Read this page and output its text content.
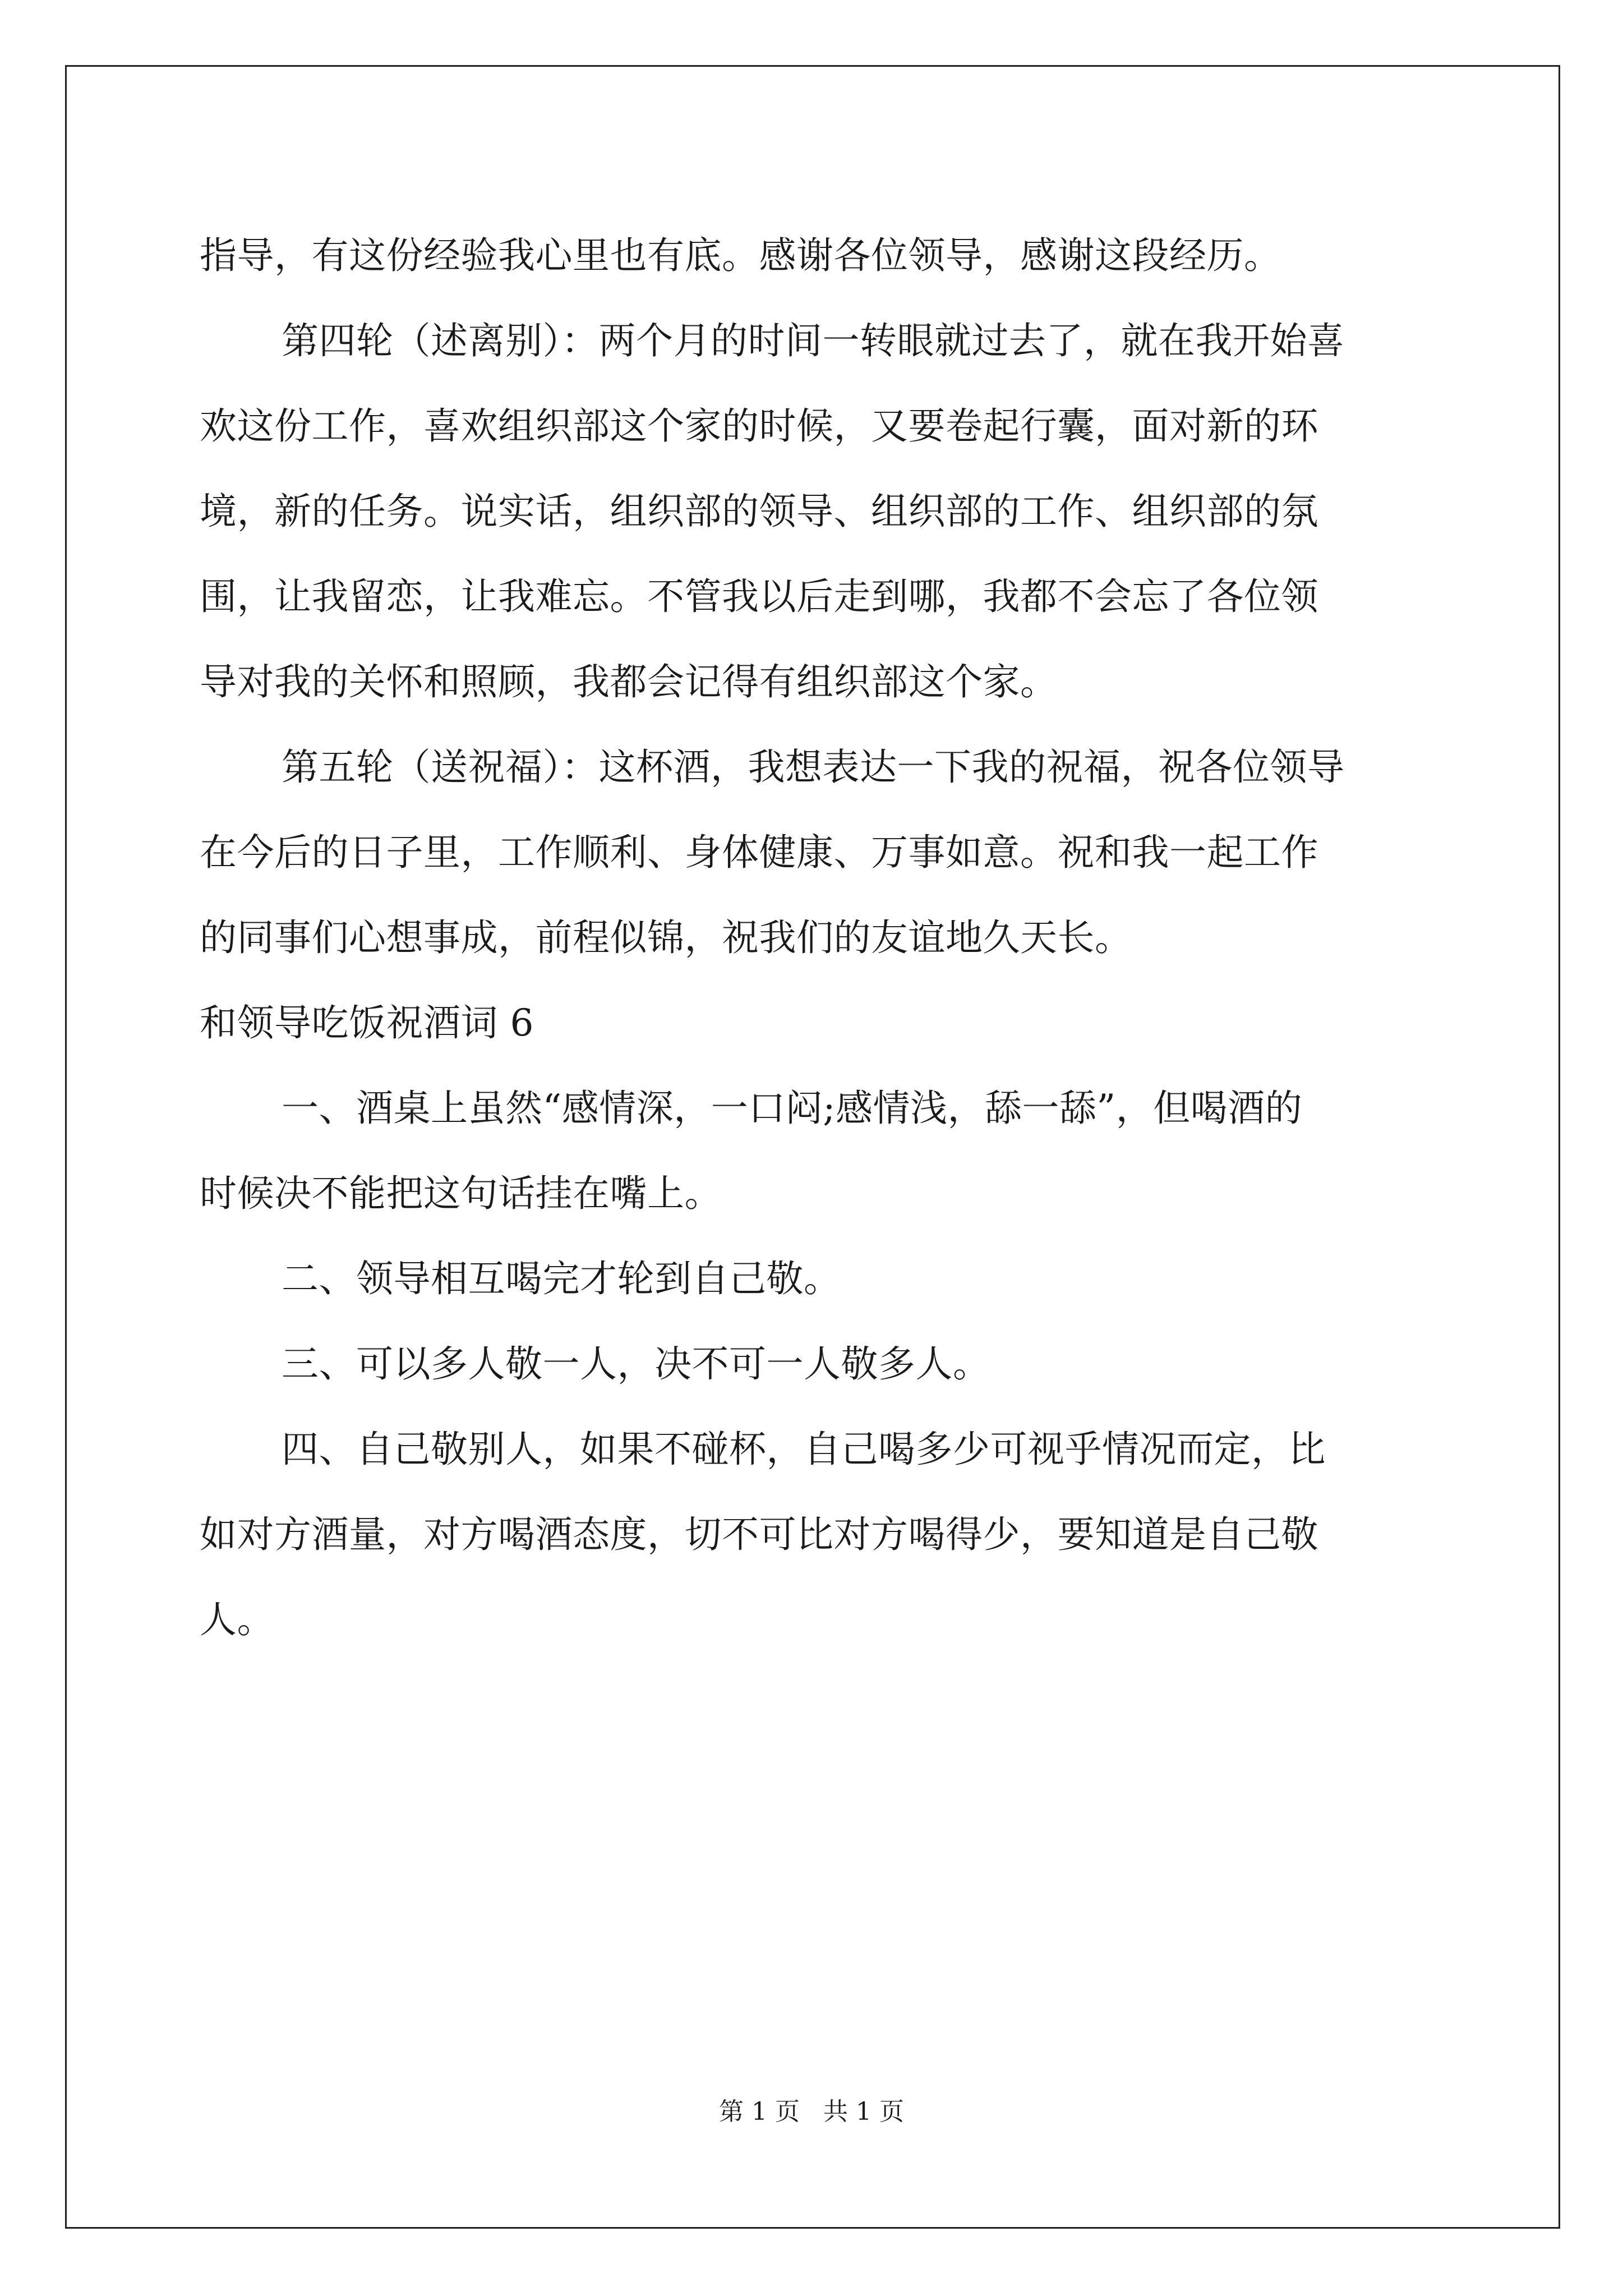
指导，有这份经验我心里也有底。感谢各位领导，感谢这段经历。
第四轮（述离别）：两个月的时间一转眼就过去了，就在我开始喜
欢这份工作，喜欢组织部这个家的时候，又要卷起行囊，面对新的环
境，新的任务。说实话，组织部的领导、组织部的工作、组织部的氛
围，让我留恋，让我难忘。不管我以后走到哪，我都不会忘了各位领
导对我的关怀和照顾，我都会记得有组织部这个家。
第五轮（送祝福）：这杯酒，我想表达一下我的祝福，祝各位领导
在今后的日子里，工作顺利、身体健康、万事如意。祝和我一起工作
的同事们心想事成，前程似锦，祝我们的友谊地久天长。
和领导吃饭祝酒词 6
一、酒桌上虽然“感情深，一口闷;感情浅，舔一舔”，但喝酒的
时候决不能把这句话挂在嘴上。
二、领导相互喝完才轮到自己敬。
三、可以多人敬一人，决不可一人敬多人。
四、自己敬别人，如果不碰杯，自己喝多少可视乎情况而定，比
如对方酒量，对方喝酒态度，切不可比对方喝得少，要知道是自己敬
人。
第 1 页   共 1 页
